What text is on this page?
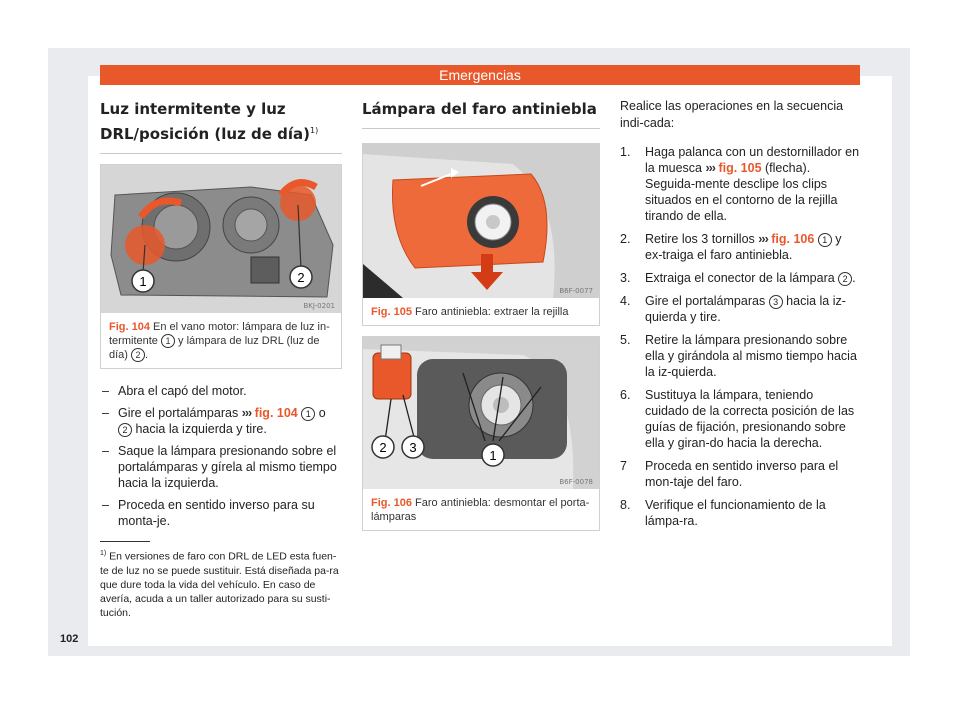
Emergencias
Luz intermitente y luz DRL/posición (luz de día)$^{1)}$
1	2
BKJ-0201
Fig. 104 En el vano motor: lámpara de luz in-termitente 1 y lámpara de luz DRL (luz de día) 2 .
– Abra el capó del motor.
– Gire el portalámparas ››› fig. 104 1 o 2 hacia la izquierda y tire.
– Saque la lámpara presionando sobre el portalámparas y gírela al mismo tiempo hacia la izquierda.
– Proceda en sentido inverso para su monta-je.
$^{1)}$ En versiones de faro con DRL de LED esta fuen-te de luz no se puede sustituir. Está diseñada pa-ra que dure toda la vida del vehículo. En caso de avería, acuda a un taller autorizado para su susti-tución.
Lámpara del faro antiniebla
B6F-0077
Fig. 105 Faro antiniebla: extraer la rejilla
1
2 3
B6F-0078
Fig. 106 Faro antiniebla: desmontar el porta-lámparas

Realice las operaciones en la secuencia indi-cada:

1. Haga palanca con un destornillador en la muesca ››› fig. 105 (flecha). Seguida-mente desclipe los clips situados en el contorno de la rejilla tirando de ella.
2. Retire los 3 tornillos ››› fig. 106 1 y ex-traiga el faro antiniebla.
3. Extraiga el conector de la lámpara 2 .
4. Gire el portalámparas 3 hacia la iz-quierda y tire.
5. Retire la lámpara presionando sobre ella y girándola al mismo tiempo hacia la iz-quierda.
6. Sustituya la lámpara, teniendo cuidado de la correcta posición de las guías de fijación, presionando sobre ella y giran-do hacia la derecha.
7 Proceda en sentido inverso para el mon-taje del faro.
8. Verifique el funcionamiento de la lámpa-ra.
102
